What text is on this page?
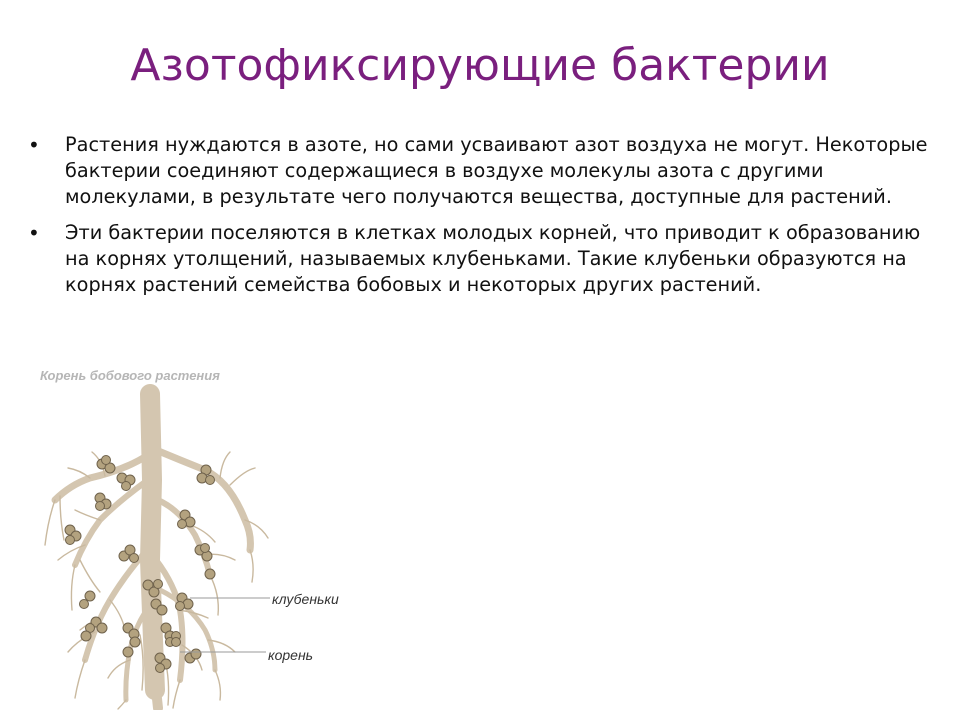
Азотофиксирующие бактерии
• Растения нуждаются в азоте, но сами усваивают азот воздуха не могут. Некоторые бактерии соединяют содержащиеся в воздухе молекулы азота с другими молекулами, в результате чего получаются вещества, доступные для растений.
• Эти бактерии поселяются в клетках молодых корней, что приводит к образованию на корнях утолщений, называемых клубеньками. Такие клубеньки образуются на корнях растений семейства бобовых и некоторых других растений.
Корень бобового растения
клубеньки
корень
